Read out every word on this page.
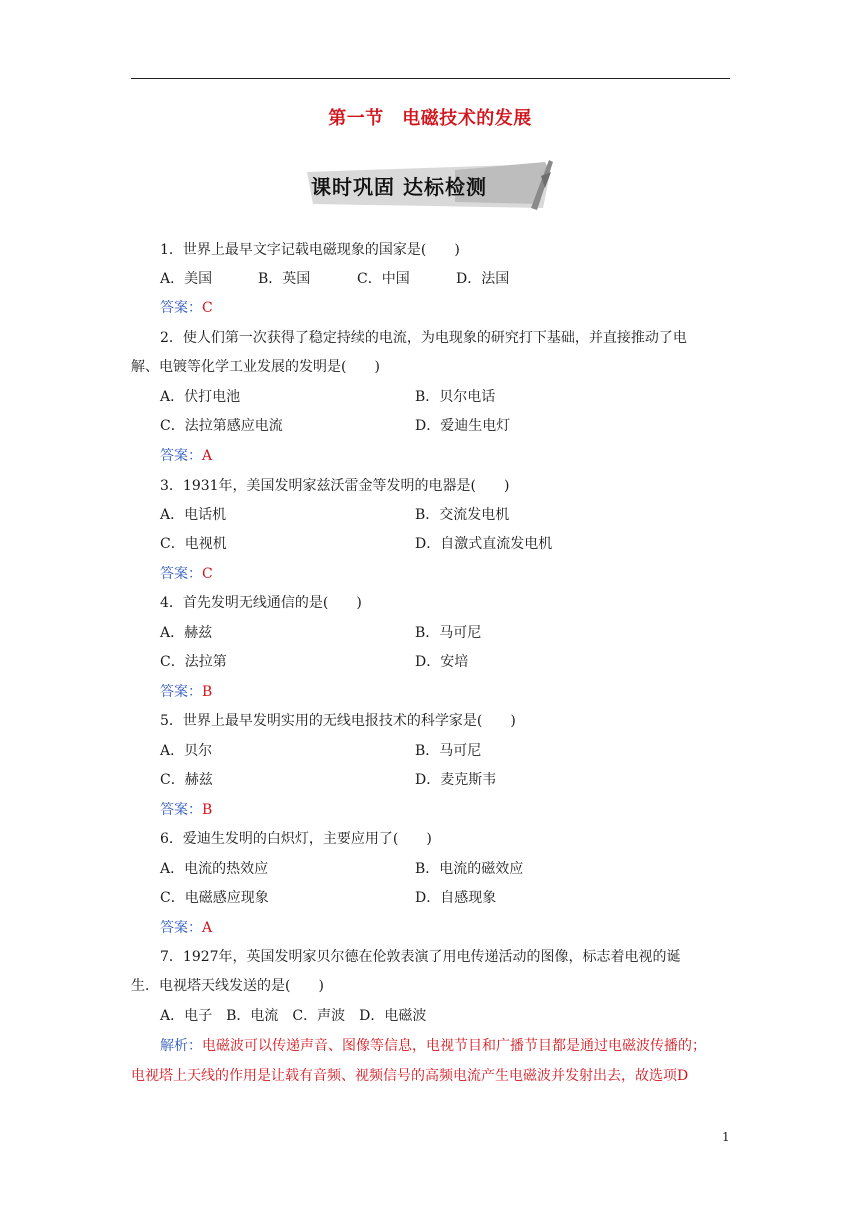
第一节　电磁技术的发展
课时巩固 达标检测
1．世界上最早文字记载电磁现象的国家是(　　)
A．美国	B．英国	C．中国	D．法国
答案：C
2．使人们第一次获得了稳定持续的电流，为电现象的研究打下基础，并直接推动了电
解、电镀等化学工业发展的发明是(　　)
A．伏打电池	B．贝尔电话
C．法拉第感应电流	D．爱迪生电灯
答案：A
3．1931年，美国发明家兹沃雷金等发明的电器是(　　)
A．电话机	B．交流发电机
C．电视机	D．自激式直流发电机
答案：C
4．首先发明无线通信的是(　　)
A．赫兹	B．马可尼
C．法拉第	D．安培
答案：B
5．世界上最早发明实用的无线电报技术的科学家是(　　)
A．贝尔	B．马可尼
C．赫兹	D．麦克斯韦
答案：B
6．爱迪生发明的白炽灯，主要应用了(　　)
A．电流的热效应	B．电流的磁效应
C．电磁感应现象	D．自感现象
答案：A
7．1927年，英国发明家贝尔德在伦敦表演了用电传递活动的图像，标志着电视的诞
生．电视塔天线发送的是(　　)
A．电子　B．电流　C．声波　D．电磁波
解析：电磁波可以传递声音、图像等信息，电视节目和广播节目都是通过电磁波传播的；
电视塔上天线的作用是让载有音频、视频信号的高频电流产生电磁波并发射出去，故选项D
1
